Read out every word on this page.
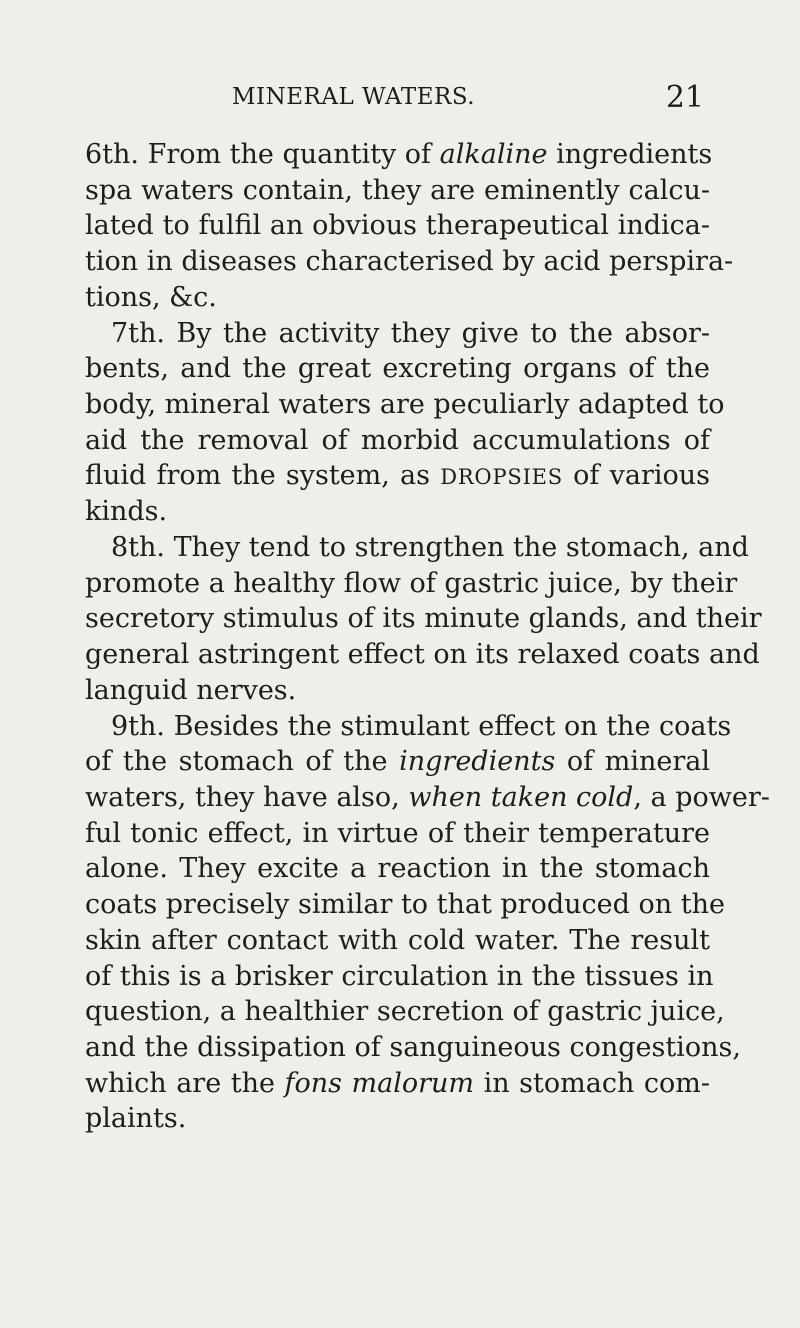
MINERAL WATERS.	21
6th. From the quantity of alkaline ingredients
spa waters contain, they are eminently calcu-
lated to fulfil an obvious therapeutical indica-
tion in diseases characterised by acid perspira-
tions, &c.
7th. By the activity they give to the absor-
bents, and the great excreting organs of the
body, mineral waters are peculiarly adapted to
aid the removal of morbid accumulations of
fluid from the system, as DROPSIES of various
kinds.
8th. They tend to strengthen the stomach, and
promote a healthy flow of gastric juice, by their
secretory stimulus of its minute glands, and their
general astringent effect on its relaxed coats and
languid nerves.
9th. Besides the stimulant effect on the coats
of the stomach of the ingredients of mineral
waters, they have also, when taken cold, a power-
ful tonic effect, in virtue of their temperature
alone. They excite a reaction in the stomach
coats precisely similar to that produced on the
skin after contact with cold water. The result
of this is a brisker circulation in the tissues in
question, a healthier secretion of gastric juice,
and the dissipation of sanguineous congestions,
which are the fons malorum in stomach com-
plaints.
